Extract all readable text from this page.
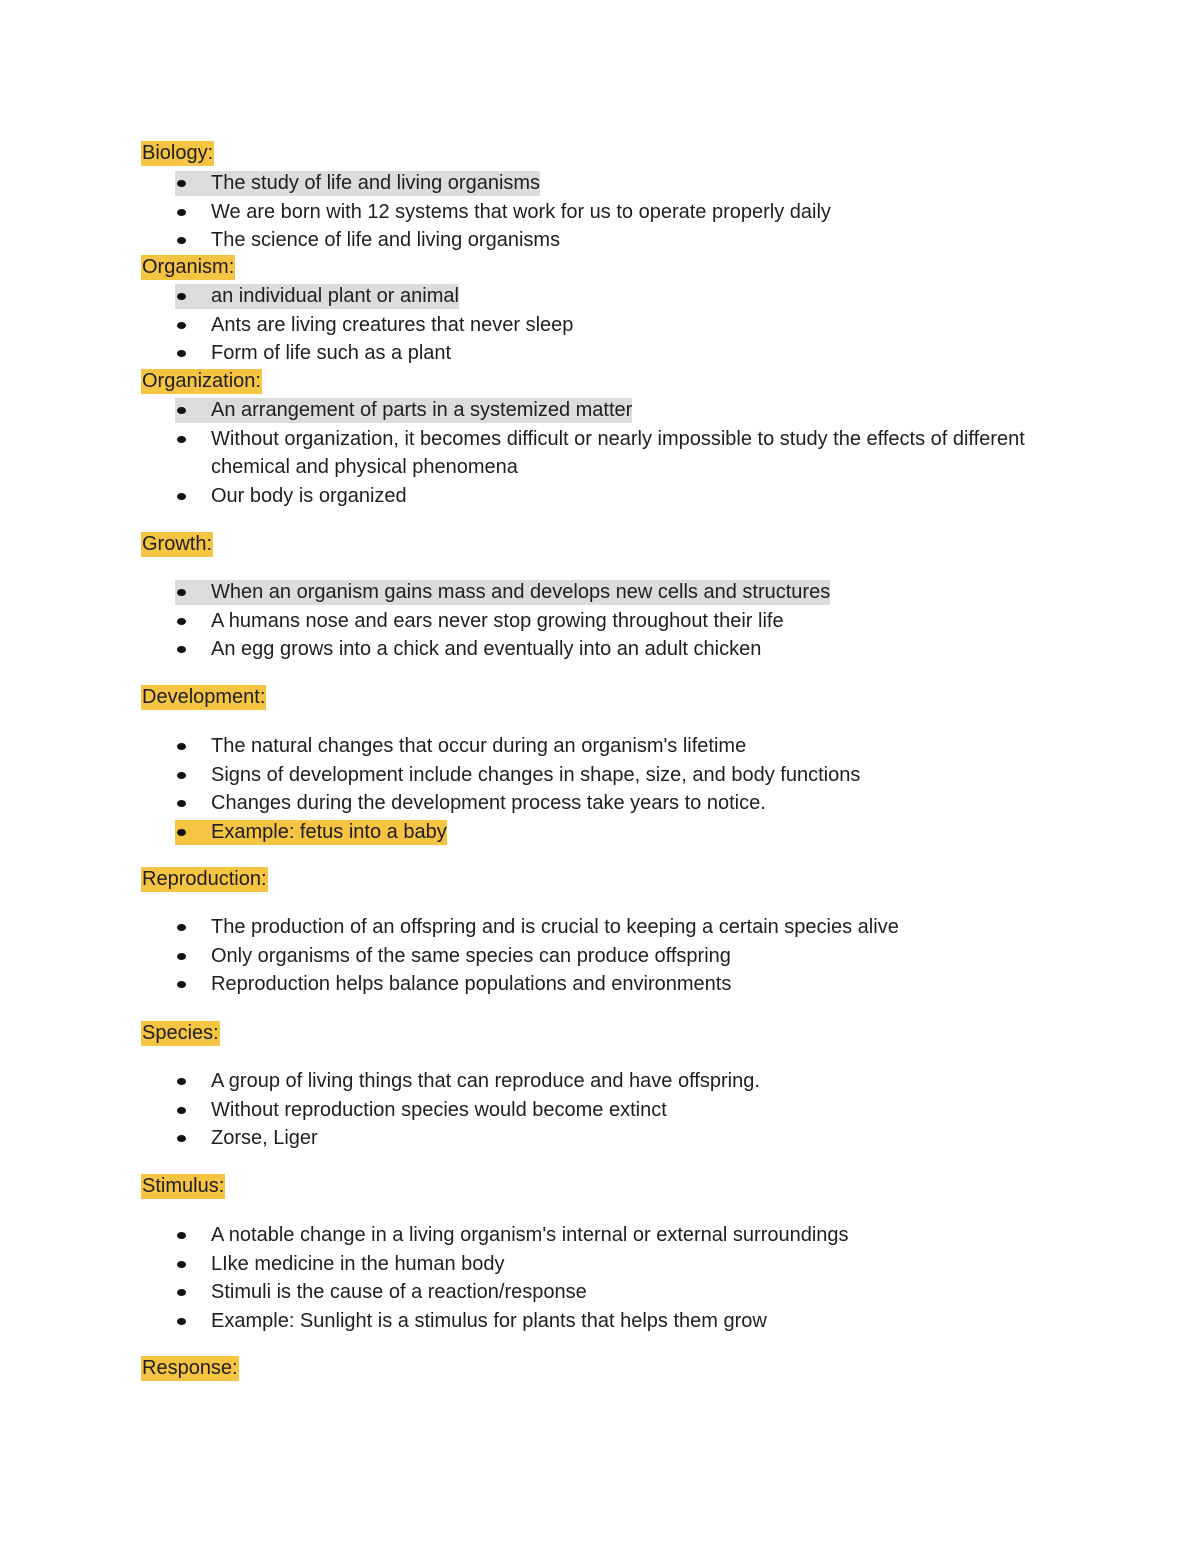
Biology:
The study of life and living organisms
We are born with 12 systems that work for us to operate properly daily
The science of life and living organisms
Organism:
an individual plant or animal
Ants are living creatures that never sleep
Form of life such as a plant
Organization:
An arrangement of parts in a systemized matter
Without organization, it becomes difficult or nearly impossible to study the effects of different chemical and physical phenomena
Our body is organized
Growth:
When an organism gains mass and develops new cells and structures
A humans nose and ears never stop growing throughout their life
An egg grows into a chick and eventually into an adult chicken
Development:
The natural changes that occur during an organism's lifetime
Signs of development include changes in shape, size, and body functions
Changes during the development process take years to notice.
Example: fetus into a baby
Reproduction:
The production of an offspring and is crucial to keeping a certain species alive
Only organisms of the same species can produce offspring
Reproduction helps balance populations and environments
Species:
A group of living things that can reproduce and have offspring.
Without reproduction species would become extinct
Zorse, Liger
Stimulus:
A notable change in a living organism's internal or external surroundings
LIke medicine in the human body
Stimuli is the cause of a reaction/response
Example: Sunlight is a stimulus for plants that helps them grow
Response:
